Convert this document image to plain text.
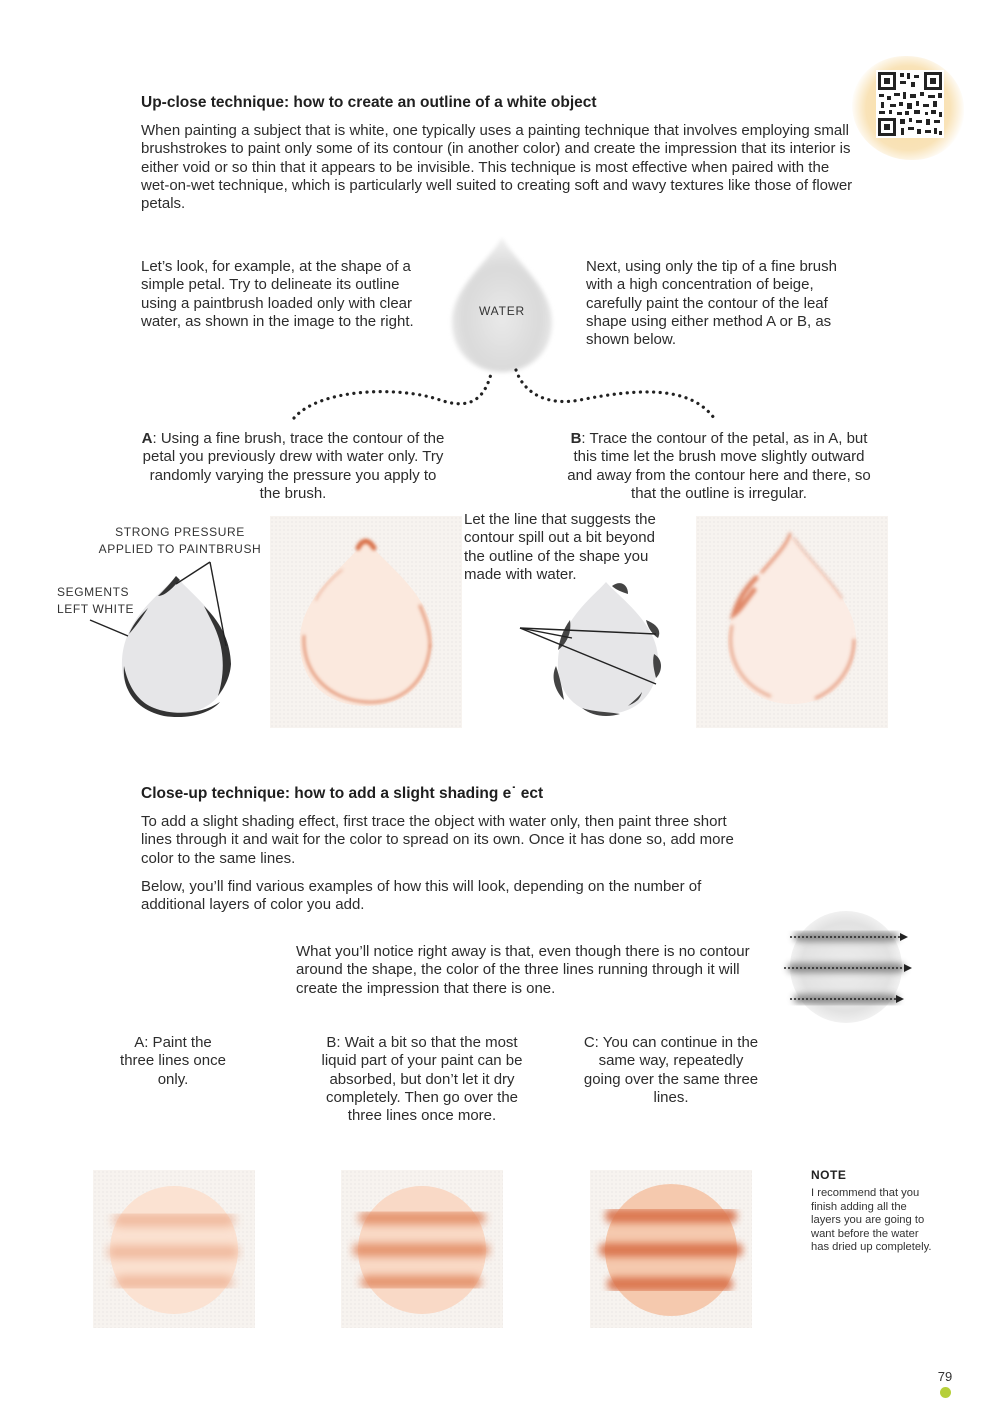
Up-close technique: how to create an outline of a white object
When painting a subject that is white, one typically uses a painting technique that involves employing small brushstrokes to paint only some of its contour (in another color) and create the impression that its interior is either void or so thin that it appears to be invisible. This technique is most effective when paired with the wet-on-wet technique, which is particularly well suited to creating soft and wavy textures like those of flower petals.
Let’s look, for example, at the shape of a simple petal. Try to delineate its outline using a paintbrush loaded only with clear water, as shown in the image to the right.
Next, using only the tip of a fine brush with a high concentration of beige, carefully paint the contour of the leaf shape using either method A or B, as shown below.
WATER
A: Using a fine brush, trace the contour of the petal you previously drew with water only. Try randomly varying the pressure you apply to the brush.
B: Trace the contour of the petal, as in A, but this time let the brush move slightly outward and away from the contour here and there, so that the outline is irregular.
STRONG PRESSURE APPLIED TO PAINTBRUSH
SEGMENTS LEFT WHITE
Let the line that suggests the contour spill out a bit beyond the outline of the shape you made with water.
Close-up technique: how to add a slight shading e˙ ect
To add a slight shading effect, first trace the object with water only, then paint three short lines through it and wait for the color to spread on its own. Once it has done so, add more color to the same lines.
Below, you’ll find various examples of how this will look, depending on the number of additional layers of color you add.
What you’ll notice right away is that, even though there is no contour around the shape, the color of the three lines running through it will create the impression that there is one.
A: Paint the three lines once only.
B: Wait a bit so that the most liquid part of your paint can be absorbed, but don’t let it dry completely. Then go over the three lines once more.
C: You can continue in the same way, repeatedly going over the same three lines.
NOTE
I recommend that you finish adding all the layers you are going to want before the water has dried up completely.
79
